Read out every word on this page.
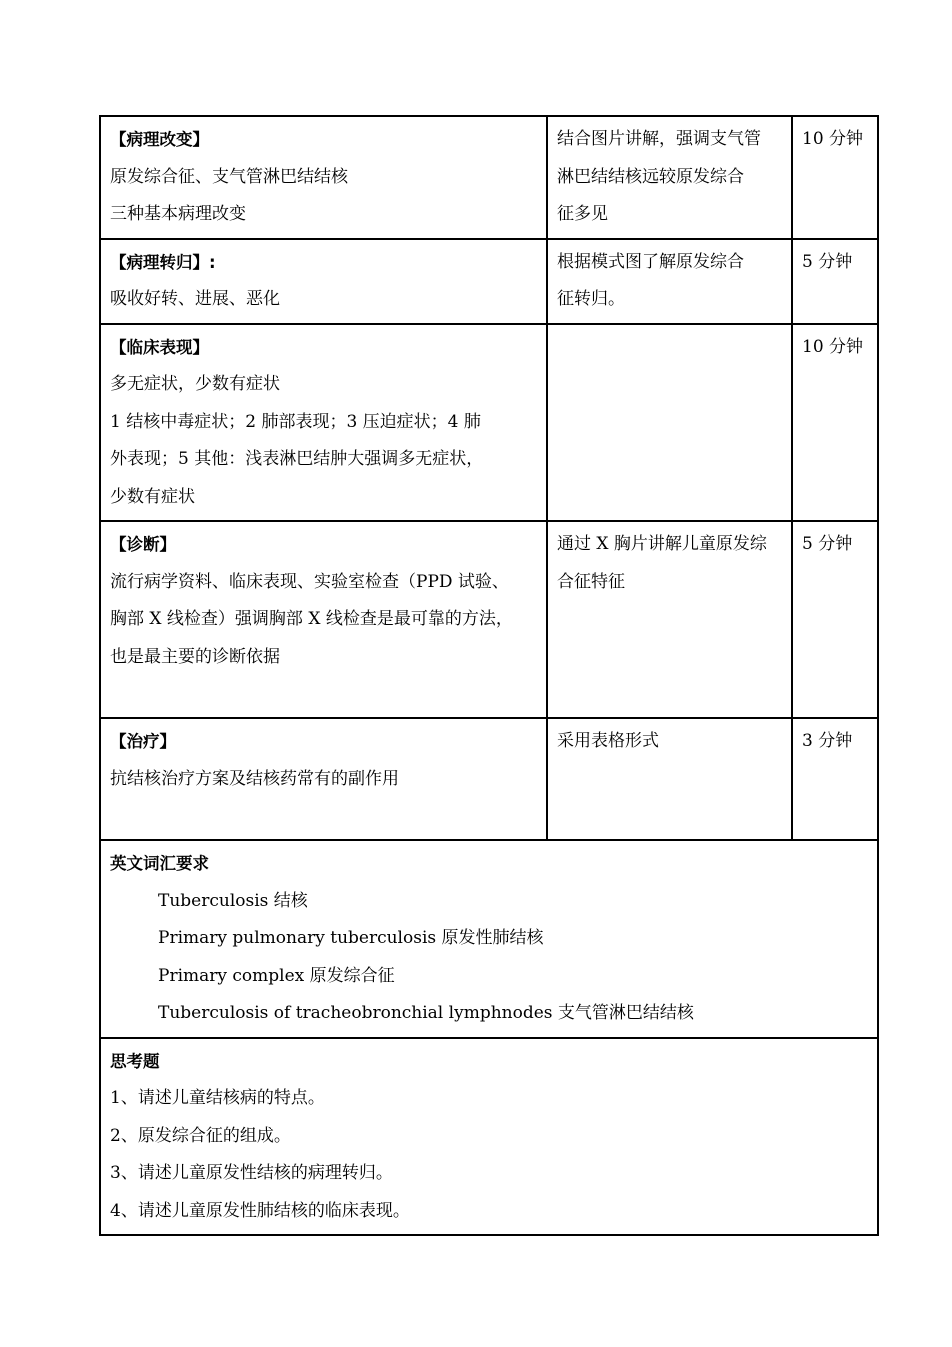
【病理改变】
原发综合征、支气管淋巴结结核
三种基本病理改变	结合图片讲解，强调支气管
淋巴结结核远较原发综合
征多见	10 分钟

【病理转归】:
吸收好转、进展、恶化	根据模式图了解原发综合
征转归。	5 分钟

【临床表现】
多无症状，少数有症状
1 结核中毒症状；2 肺部表现；3 压迫症状；4 肺
外表现；5 其他：浅表淋巴结肿大强调多无症状，
少数有症状		10 分钟

【诊断】
流行病学资料、临床表现、实验室检查（PPD 试验、
胸部 X 线检查）强调胸部 X 线检查是最可靠的方法，
也是最主要的诊断依据	通过 X 胸片讲解儿童原发综
合征特征	5 分钟

【治疗】
抗结核治疗方案及结核药常有的副作用	采用表格形式	3 分钟

英文词汇要求
Tuberculosis 结核
Primary pulmonary tuberculosis 原发性肺结核
Primary complex 原发综合征
Tuberculosis of tracheobronchial lymphnodes 支气管淋巴结结核		

思考题
1、请述儿童结核病的特点。
2、原发综合征的组成。
3、请述儿童原发性结核的病理转归。
4、请述儿童原发性肺结核的临床表现。		
